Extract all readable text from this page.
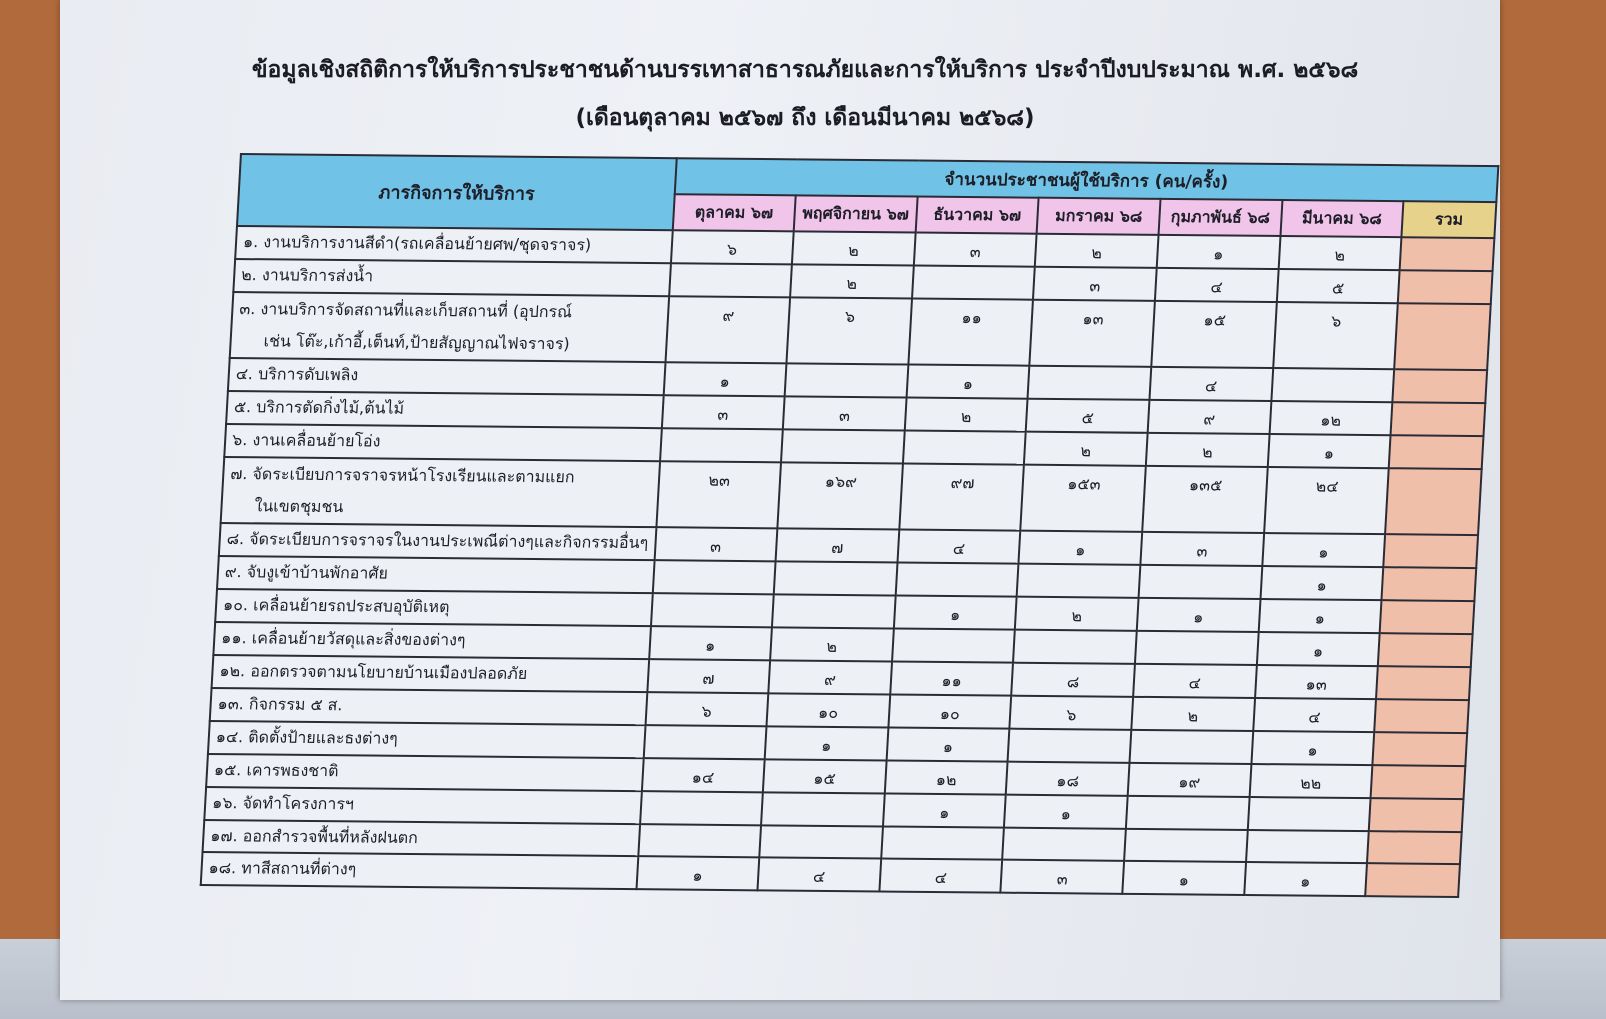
ข้อมูลเชิงสถิติการให้บริการประชาชนด้านบรรเทาสาธารณภัยและการให้บริการ ประจำปีงบประมาณ พ.ศ. ๒๕๖๘
(เดือนตุลาคม ๒๕๖๗ ถึง เดือนมีนาคม ๒๕๖๘)
ภารกิจการให้บริการ	จำนวนประชาชนผู้ใช้บริการ (คน/ครั้ง)						
	ตุลาคม ๖๗	พฤศจิกายน ๖๗	ธันวาคม ๖๗	มกราคม ๖๘	กุมภาพันธ์ ๖๘	มีนาคม ๖๘	รวม

๑. งานบริการงานสีดำ(รถเคลื่อนย้ายศพ/ชุดจราจร)	๖	๒	๓	๒	๑	๒	

๒. งานบริการส่งน้ำ		๒		๓	๔	๕	

๓. งานบริการจัดสถานที่และเก็บสถานที่ (อุปกรณ์
เช่น โต๊ะ,เก้าอี้,เต็นท์,ป้ายสัญญาณไฟจราจร)	๙	๖	๑๑	๑๓	๑๕	๖	

๔. บริการดับเพลิง	๑		๑		๔		

๕. บริการตัดกิ่งไม้,ต้นไม้	๓	๓	๒	๕	๙	๑๒	

๖. งานเคลื่อนย้ายโอ่ง				๒	๒	๑	

๗. จัดระเบียบการจราจรหน้าโรงเรียนและตามแยก
ในเขตชุมชน	๒๓	๑๖๙	๙๗	๑๕๓	๑๓๕	๒๔	

๘. จัดระเบียบการจราจรในงานประเพณีต่างๆและกิจกรรมอื่นๆ	๓	๗	๔	๑	๓	๑	

๙. จับงูเข้าบ้านพักอาศัย						๑	

๑๐. เคลื่อนย้ายรถประสบอุบัติเหตุ			๑	๒	๑	๑	

๑๑. เคลื่อนย้ายวัสดุและสิ่งของต่างๆ	๑	๒				๑	

๑๒. ออกตรวจตามนโยบายบ้านเมืองปลอดภัย	๗	๙	๑๑	๘	๔	๑๓	

๑๓. กิจกรรม ๕ ส.	๖	๑๐	๑๐	๖	๒	๔	

๑๔. ติดตั้งป้ายและธงต่างๆ		๑	๑			๑	

๑๕. เคารพธงชาติ	๑๔	๑๕	๑๒	๑๘	๑๙	๒๒	

๑๖. จัดทำโครงการฯ			๑	๑			

๑๗. ออกสำรวจพื้นที่หลังฝนตก							

๑๘. ทาสีสถานที่ต่างๆ	๑	๔	๔	๓	๑	๑	
